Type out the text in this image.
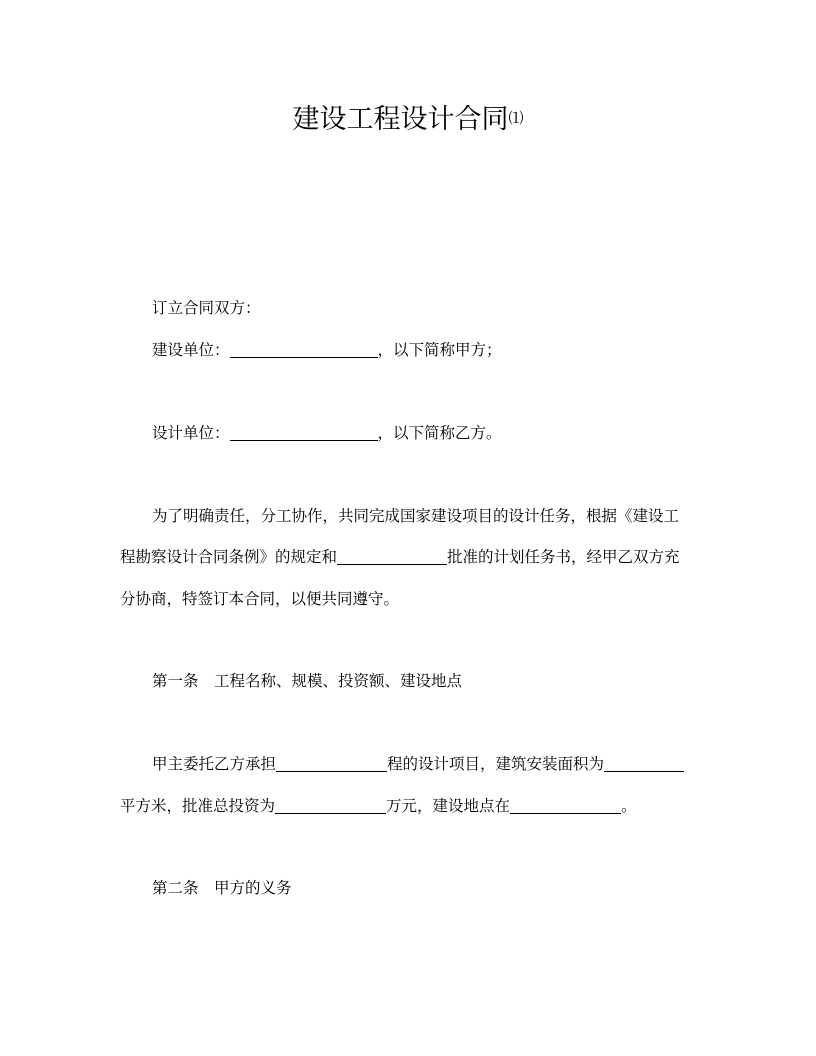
建设工程设计合同⑴
订立合同双方：
建设单位：	，以下简称甲方；
设计单位：	，以下简称乙方。
为了明确责任，分工协作，共同完成国家建设项目的设计任务，根据《建设工
程勘察设计合同条例》的规定和	批准的计划任务书，经甲乙双方充
分协商，特签订本合同，以便共同遵守。
第一条　工程名称、规模、投资额、建设地点
甲主委托乙方承担	程的设计项目，建筑安装面积为
平方米，批准总投资为	万元，建设地点在	。
第二条　甲方的义务
